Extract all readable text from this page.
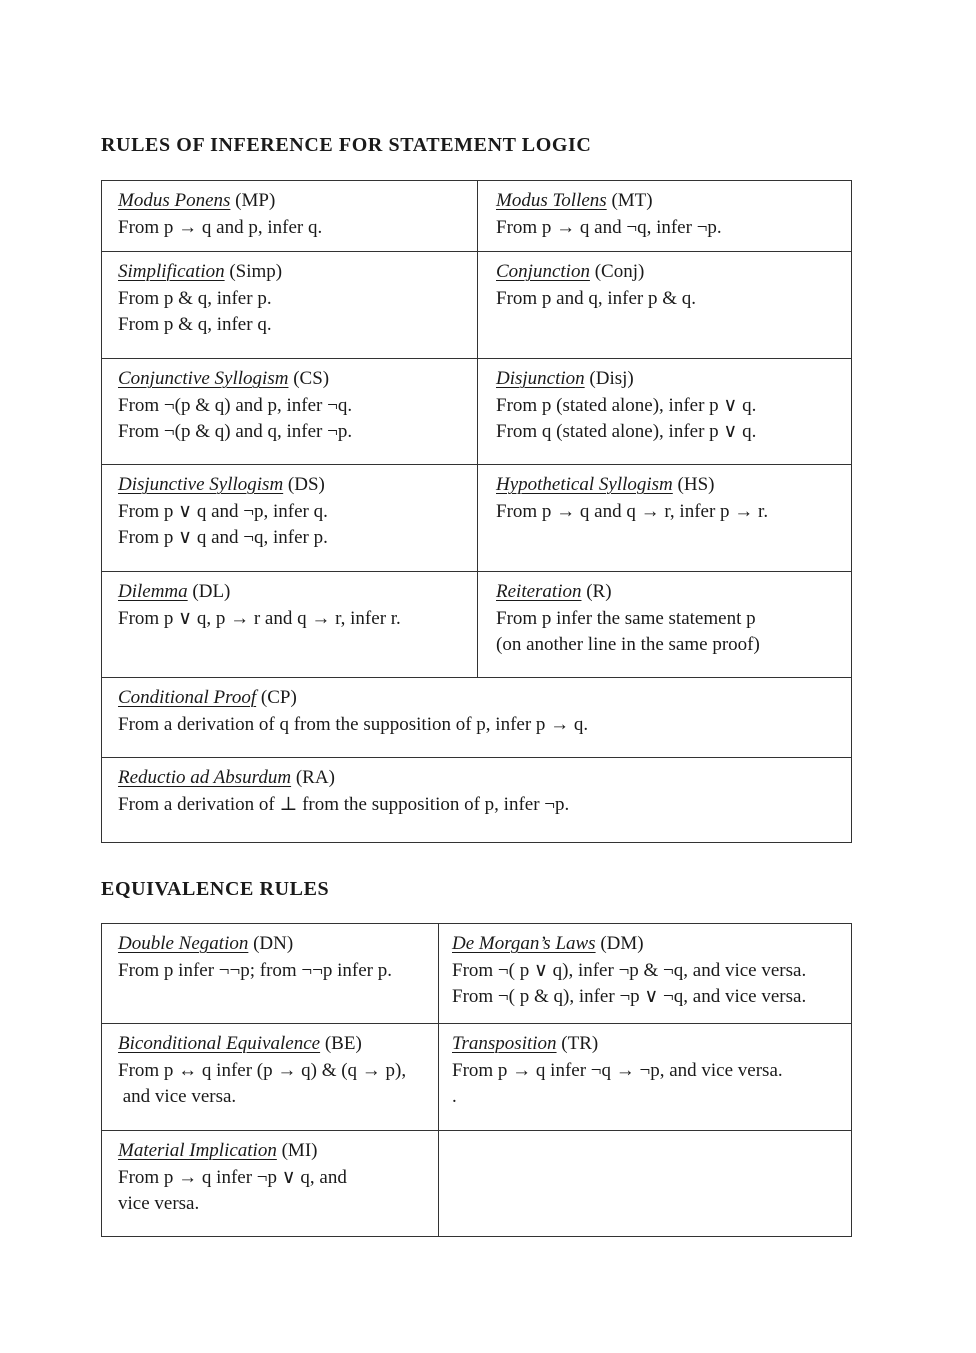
RULES OF INFERENCE FOR STATEMENT LOGIC
Modus Ponens (MP)
From p → q and p, infer q.
Modus Tollens (MT)
From p → q and ¬q, infer ¬p.
Simplification (Simp)
From p & q, infer p.
From p & q, infer q.
Conjunction (Conj)
From p and q, infer p & q.
Conjunctive Syllogism (CS)
From ¬(p & q) and p, infer ¬q.
From ¬(p & q) and q, infer ¬p.
Disjunction (Disj)
From p (stated alone), infer p ∨ q.
From q (stated alone), infer p ∨ q.
Disjunctive Syllogism (DS)
From p ∨ q and ¬p, infer q.
From p ∨ q and ¬q, infer p.
Hypothetical Syllogism (HS)
From p → q and q → r, infer p → r.
Dilemma (DL)
From p ∨ q, p → r and q → r, infer r.
Reiteration (R)
From p infer the same statement p
(on another line in the same proof)
Conditional Proof (CP)
From a derivation of q from the supposition of p, infer p → q.
Reductio ad Absurdum (RA)
From a derivation of ⊥ from the supposition of p, infer ¬p.
EQUIVALENCE RULES
Double Negation (DN)
From p infer ¬¬p; from ¬¬p infer p.
De Morgan’s Laws (DM)
From ¬( p ∨ q), infer ¬p & ¬q, and vice versa.
From ¬( p & q), infer ¬p ∨ ¬q, and vice versa.
Biconditional Equivalence (BE)
From p ↔ q infer (p → q) & (q → p),
and vice versa.
Transposition (TR)
From p → q infer ¬q → ¬p, and vice versa.
.
Material Implication (MI)
From p → q infer ¬p ∨ q, and
vice versa.
